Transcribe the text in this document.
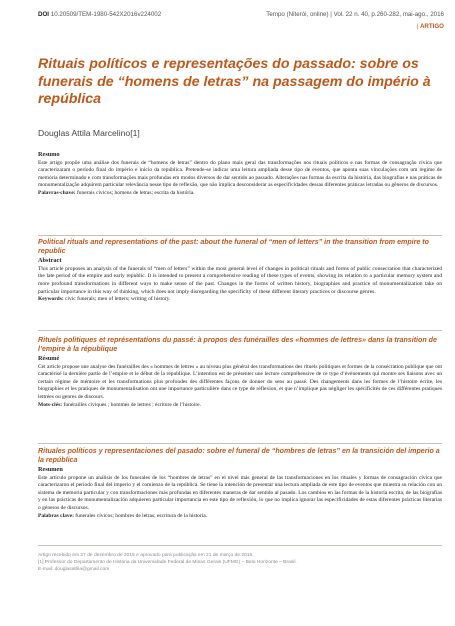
DOI 10.20509/TEM-1980-542X2016v224002	Tempo (Niterói, online) | Vol. 22 n. 40, p.260-282, mai-ago., 2016
| ARTIGO
Rituais políticos e representações do passado: sobre os funerais de “homens de letras” na passagem do império à república
Douglas Attila Marcelino[1]
Resumo

Este artigo propõe uma análise dos funerais de “homens de letras” dentro do plano mais geral das transformações nos rituais políticos e nas formas de consagração cívica que caracterizaram o período final do império e início da república. Pretende-se indicar uma leitura ampliada desse tipo de eventos, que aponta suas vinculações com um regime de memória determinado e com transformações mais profundas em modos diversos de dar sentido ao passado. Alterações nas formas da escrita da história, das biografias e nas práticas de monumentalização adquirem particular relevância nesse tipo de reflexão, que não implica desconsiderar as especificidades dessas diferentes práticas letradas ou gêneros de discursos.

Palavras-chave: funerais cívicos; homens de letras; escrita da história.

Political rituals and representations of the past: about the funeral of “men of letters” in the transition from empire to republic
Abstract

This article proposes an analysis of the funerals of “men of letters” within the most general level of changes in political rituals and forms of public consecration that characterized the late period of the empire and early republic. It is intended to present a comprehensive reading of these types of events, showing its relation to a particular memory system and more profound transformations in different ways to make sense of the past. Changes in the forms of written history, biographies and practice of monumentalization take on particular importance in this way of thinking, which does not imply disregarding the specificity of these different literary practices or discourse genres.

Keywords: civic funerals; men of letters; writing of history.

Rituels politiques et représentations du passé: à propos des funérailles des «hommes de lettres» dans la transition de l’empire à la république
Résumé

Cet article propose une analyse des funérailles des « hommes de lettres » au niveau plus général des transformations des rituels politiques et formes de la consécration publique que ont caractérisé la dernière partie de l’empire et le début de la république. L’intention est de présenter une lecture compréhensive de ce type d’évènements qui montre ses liaisons avec un certain régime de mémoire et les transformations plus profondes des différentes façons de donner du sens au passé. Des changements dans les formes de l’histoire écrite, les biographies et les pratiques de monumentalisation ont une importance particulière dans ce type de réflexion, et que n’implique pas négliger les spécificités de ces différentes pratiques lettrées ou genres de discours.

Mots-clés: funérailles civiques ; hommes de lettres ; écriture de l’histoire.

Rituales políticos y representaciones del pasado: sobre el funeral de “hombres de letras” en la transición del imperio a la república
Resumen

Este artículo propone un análisis de los funerales de los “hombres de letras” en el nivel más general de las transformaciones en los rituales y formas de consagración cívica que caracterizaron el período final del imperio y el comienzo de la república. Se tiene la intención de presentar una lectura ampliada de este tipo de eventos que muestra su relación con un sistema de memoria particular y con transformaciones más profundas en diferentes maneras de dar sentido al pasado. Los cambios en las formas de la historia escrita, de las biografías y en las prácticas de monumentalización adquieren particular importancia en este tipo de reflexión, lo que no implica ignorar las especificidades de estas diferentes prácticas literarias o géneros de discursos.

Palabras clave: funerales cívicos; hombres de letras; escritura de la historia.

Artigo recebido em 27 de dezembro de 2015 e aprovado para publicação em 21 de março de 2016.
[1] Professor do Departamento de História da Universidade Federal de Minas Gerais (UFMG) – Belo Horizonte – Brasil.
E-mail: douglasattila@gmail.com
